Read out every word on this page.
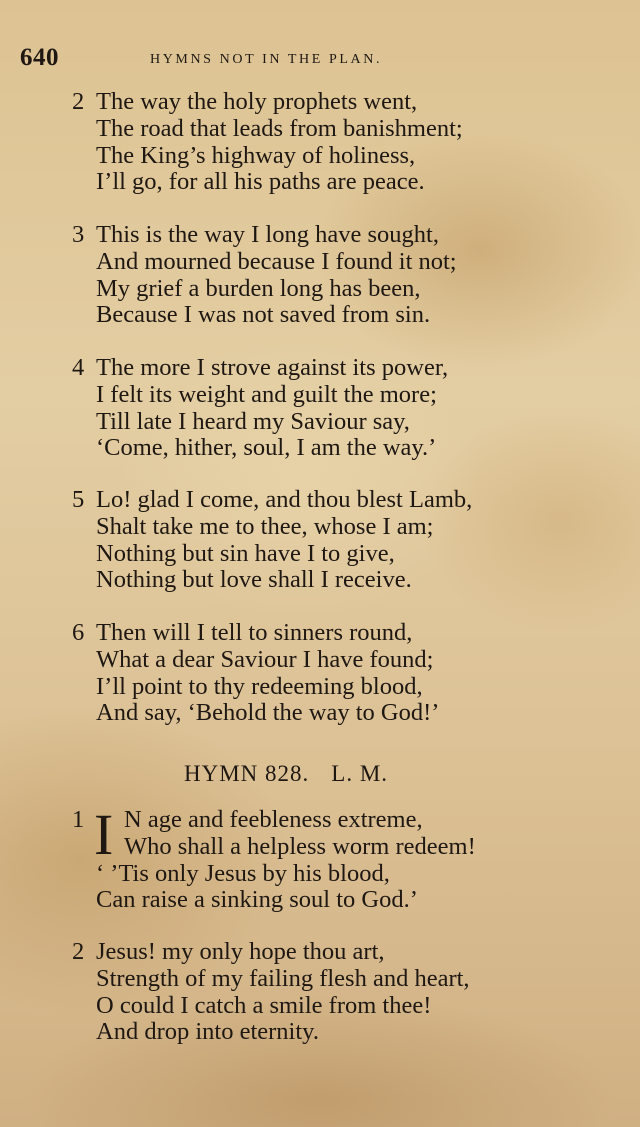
640	HYMNS NOT IN THE PLAN.
2 The way the holy prophets went,
The road that leads from banishment;
The King’s highway of holiness,
I’ll go, for all his paths are peace.
3 This is the way I long have sought,
And mourned because I found it not;
My grief a burden long has been,
Because I was not saved from sin.
4 The more I strove against its power,
I felt its weight and guilt the more;
Till late I heard my Saviour say,
‘Come, hither, soul, I am the way.’
5 Lo! glad I come, and thou blest Lamb,
Shalt take me to thee, whose I am;
Nothing but sin have I to give,
Nothing but love shall I receive.
6 Then will I tell to sinners round,
What a dear Saviour I have found;
I’ll point to thy redeeming blood,
And say, ‘Behold the way to God!’
HYMN 828. L. M.
1 I N age and feebleness extreme,
Who shall a helpless worm redeem!
‘ ’Tis only Jesus by his blood,
Can raise a sinking soul to God.’
2 Jesus! my only hope thou art,
Strength of my failing flesh and heart,
O could I catch a smile from thee!
And drop into eternity.
